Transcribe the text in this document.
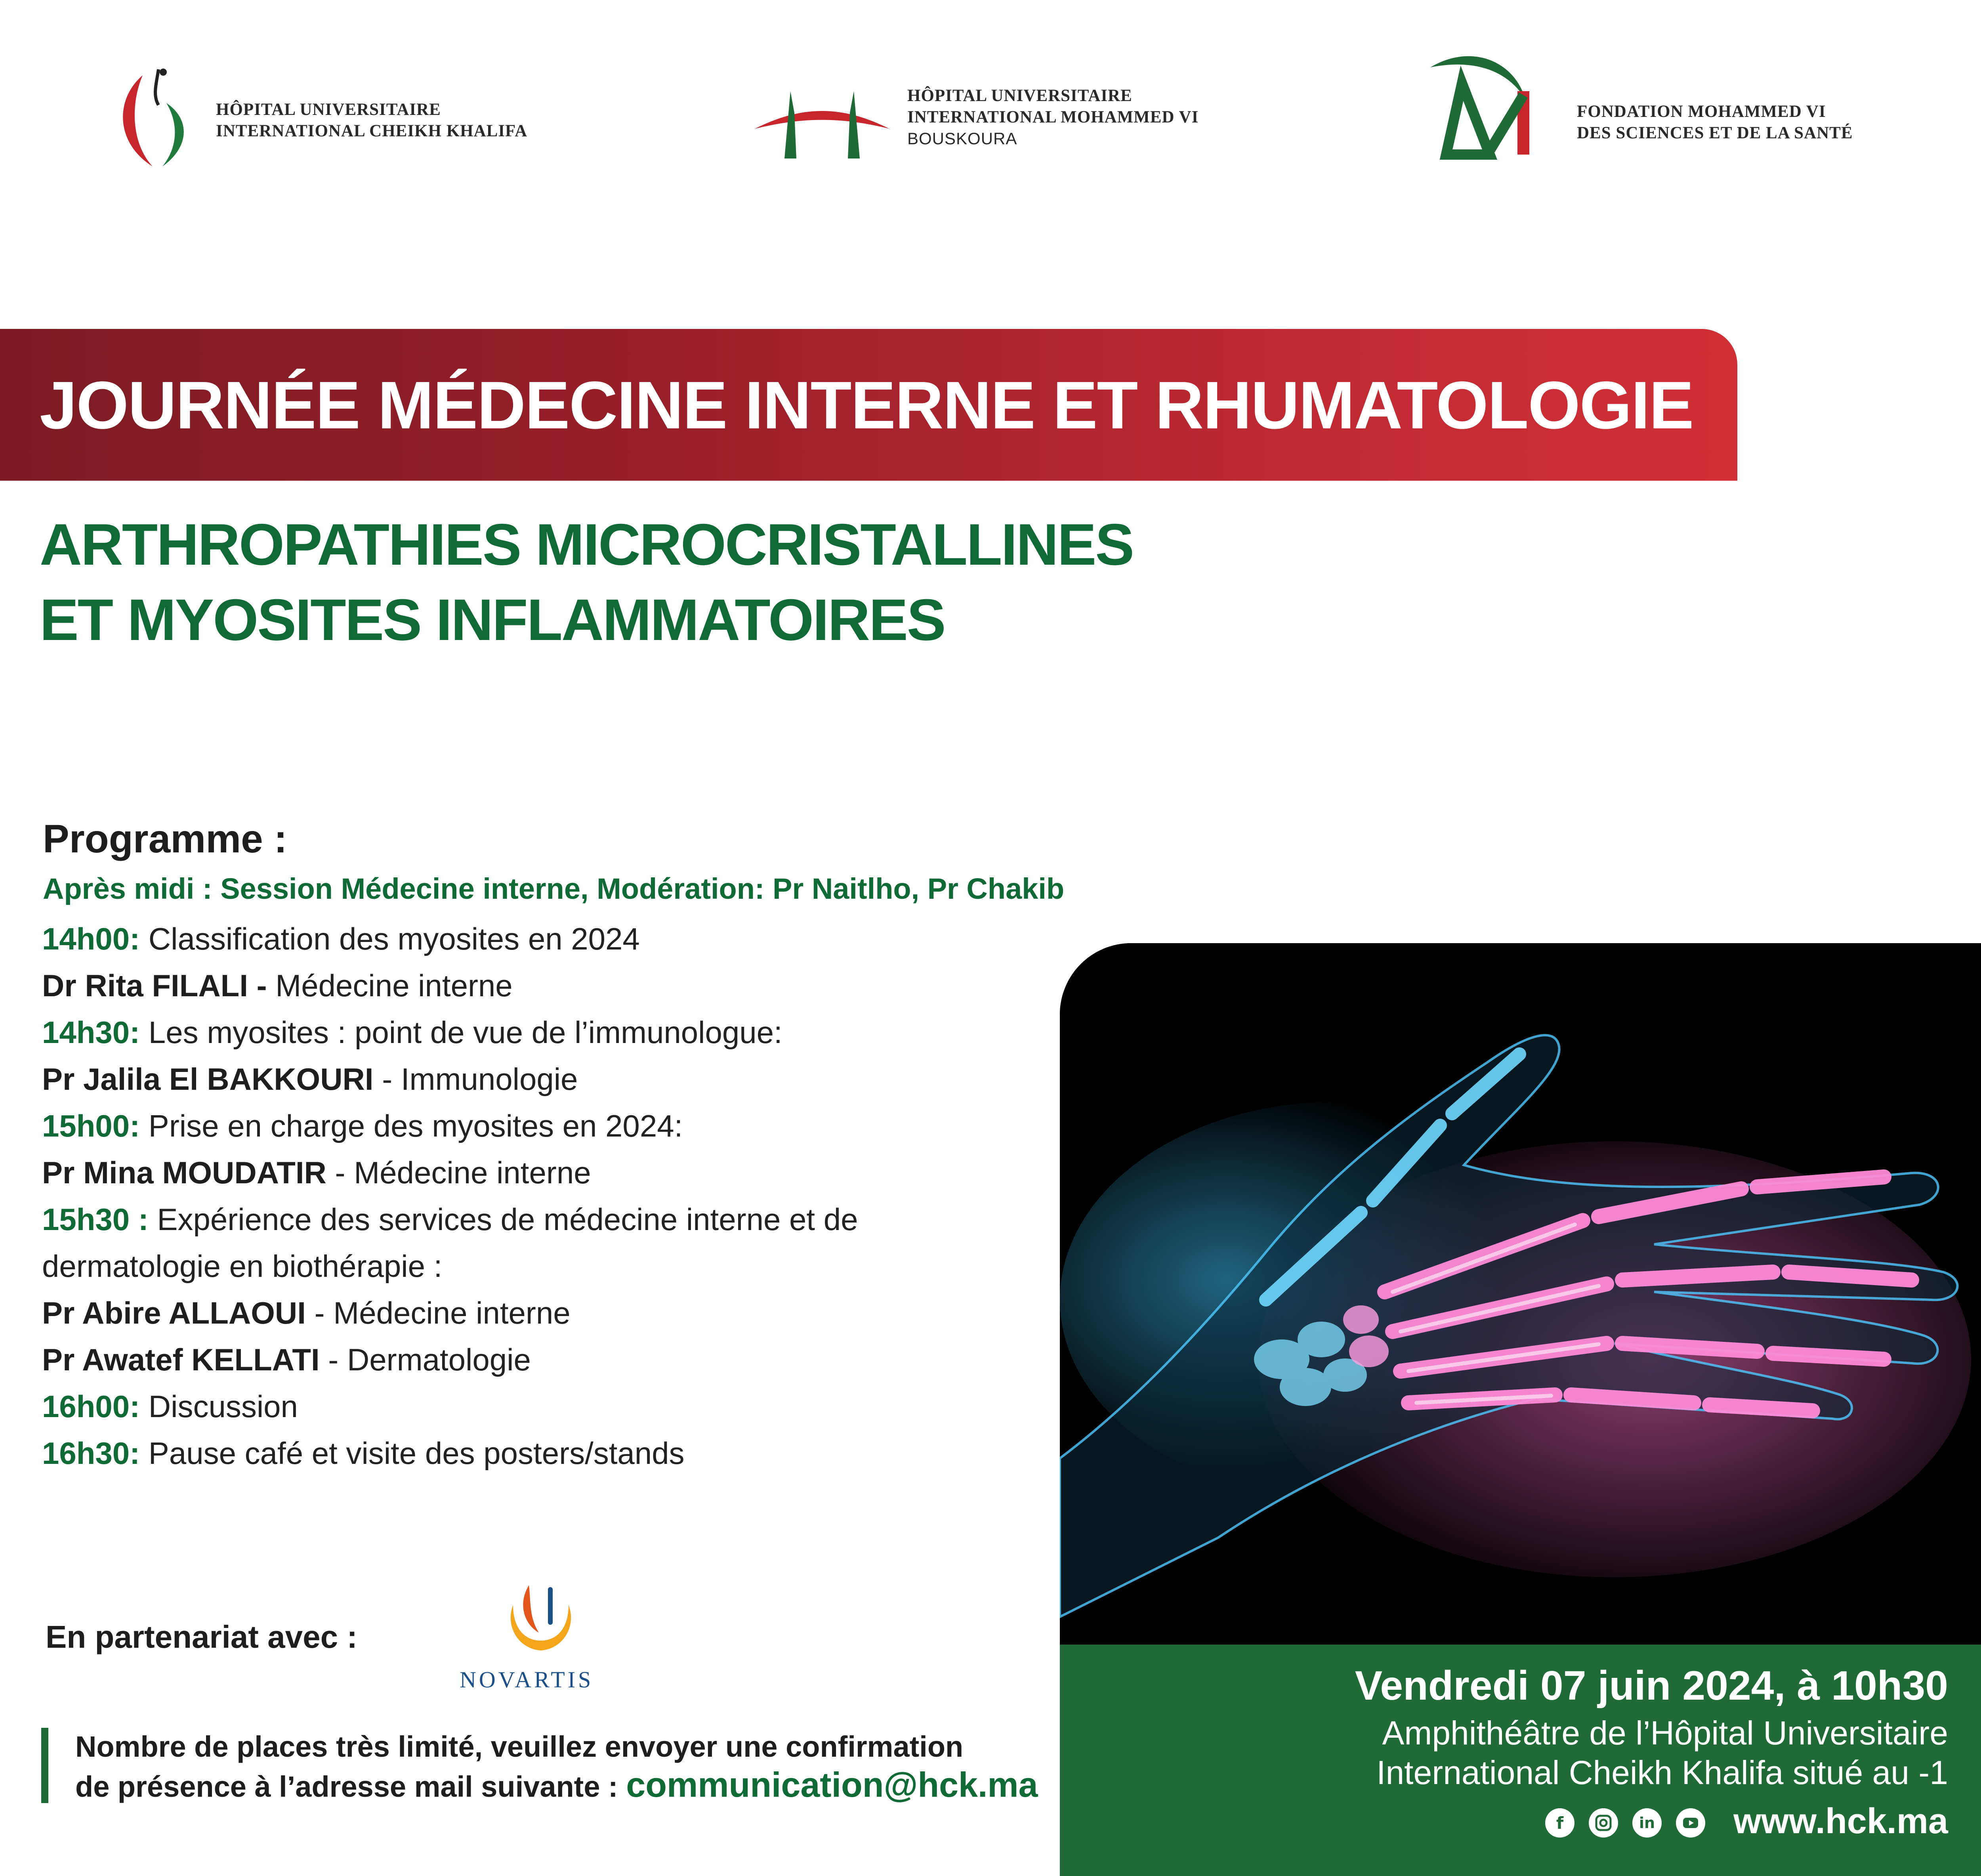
HÔPITAL UNIVERSITAIRE
INTERNATIONAL CHEIKH KHALIFA
HÔPITAL UNIVERSITAIRE
INTERNATIONAL MOHAMMED VI
BOUSKOURA
FONDATION MOHAMMED VI
DES SCIENCES ET DE LA SANTÉ
JOURNÉE MÉDECINE INTERNE ET RHUMATOLOGIE
ARTHROPATHIES MICROCRISTALLINES
ET MYOSITES INFLAMMATOIRES
Programme :
Après midi : Session Médecine interne, Modération: Pr Naitlho, Pr Chakib
14h00: Classification des myosites en 2024
Dr Rita FILALI - Médecine interne
14h30: Les myosites : point de vue de l’immunologue:
Pr Jalila El BAKKOURI - Immunologie
15h00: Prise en charge des myosites en 2024:
Pr Mina MOUDATIR - Médecine interne
15h30 : Expérience des services de médecine interne et de
dermatologie en biothérapie :
Pr Abire ALLAOUI - Médecine interne
Pr Awatef KELLATI - Dermatologie
16h00: Discussion
16h30: Pause café et visite des posters/stands
Vendredi 07 juin 2024, à 10h30
Amphithéâtre de l’Hôpital Universitaire
International Cheikh Khalifa situé au -1
f	in www.hck.ma
En partenariat avec :
NOVARTIS
Nombre de places très limité, veuillez envoyer une confirmation
de présence à l’adresse mail suivante : communication@hck.ma
